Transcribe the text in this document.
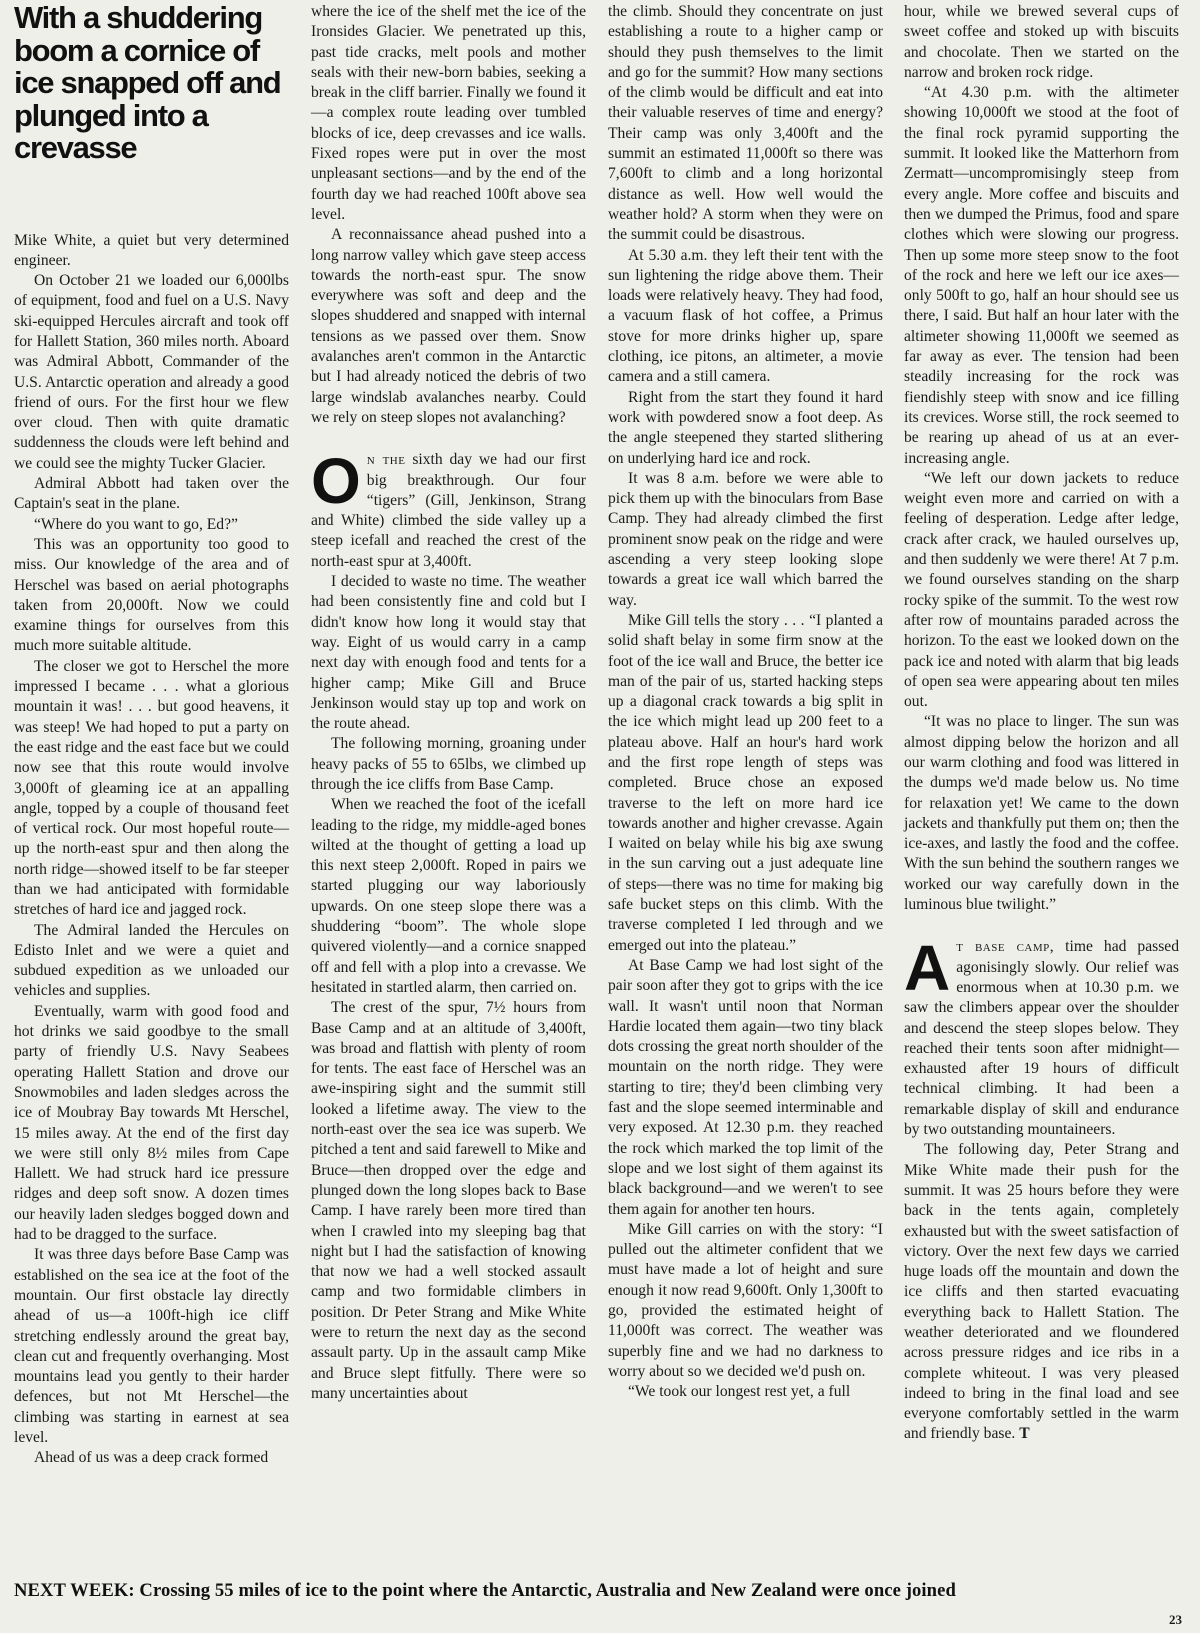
With a shuddering boom a cornice of ice snapped off and plunged into a crevasse

Mike White, a quiet but very determined engineer.

On October 21 we loaded our 6,000lbs of equipment, food and fuel on a U.S. Navy ski-equipped Hercules aircraft and took off for Hallett Station, 360 miles north. Aboard was Admiral Abbott, Commander of the U.S. Antarctic operation and already a good friend of ours. For the first hour we flew over cloud. Then with quite dramatic suddenness the clouds were left behind and we could see the mighty Tucker Glacier.

Admiral Abbott had taken over the Captain's seat in the plane.

“Where do you want to go, Ed?”

This was an opportunity too good to miss. Our knowledge of the area and of Herschel was based on aerial photographs taken from 20,000ft. Now we could examine things for ourselves from this much more suitable altitude.

The closer we got to Herschel the more impressed I became . . . what a glorious mountain it was! . . . but good heavens, it was steep! We had hoped to put a party on the east ridge and the east face but we could now see that this route would involve 3,000ft of gleaming ice at an appalling angle, topped by a couple of thousand feet of vertical rock. Our most hopeful route—up the north-east spur and then along the north ridge—showed itself to be far steeper than we had anticipated with formidable stretches of hard ice and jagged rock.

The Admiral landed the Hercules on Edisto Inlet and we were a quiet and subdued expedition as we unloaded our vehicles and supplies.

Eventually, warm with good food and hot drinks we said goodbye to the small party of friendly U.S. Navy Seabees operating Hallett Station and drove our Snowmobiles and laden sledges across the ice of Moubray Bay towards Mt Herschel, 15 miles away. At the end of the first day we were still only 8½ miles from Cape Hallett. We had struck hard ice pressure ridges and deep soft snow. A dozen times our heavily laden sledges bogged down and had to be dragged to the surface.

It was three days before Base Camp was established on the sea ice at the foot of the mountain. Our first obstacle lay directly ahead of us—a 100ft-high ice cliff stretching endlessly around the great bay, clean cut and frequently overhanging. Most mountains lead you gently to their harder defences, but not Mt Herschel—the climbing was starting in earnest at sea level.

Ahead of us was a deep crack formed

where the ice of the shelf met the ice of the Ironsides Glacier. We penetrated up this, past tide cracks, melt pools and mother seals with their new-born babies, seeking a break in the cliff barrier. Finally we found it—a complex route leading over tumbled blocks of ice, deep crevasses and ice walls. Fixed ropes were put in over the most unpleasant sections—and by the end of the fourth day we had reached 100ft above sea level.

A reconnaissance ahead pushed into a long narrow valley which gave steep access towards the north-east spur. The snow everywhere was soft and deep and the slopes shuddered and snapped with internal tensions as we passed over them. Snow avalanches aren't common in the Antarctic but I had already noticed the debris of two large windslab avalanches nearby. Could we rely on steep slopes not avalanching?

On the sixth day we had our first big breakthrough. Our four “tigers” (Gill, Jenkinson, Strang and White) climbed the side valley up a steep icefall and reached the crest of the north-east spur at 3,400ft.

I decided to waste no time. The weather had been consistently fine and cold but I didn't know how long it would stay that way. Eight of us would carry in a camp next day with enough food and tents for a higher camp; Mike Gill and Bruce Jenkinson would stay up top and work on the route ahead.

The following morning, groaning under heavy packs of 55 to 65lbs, we climbed up through the ice cliffs from Base Camp.

When we reached the foot of the icefall leading to the ridge, my middle-aged bones wilted at the thought of getting a load up this next steep 2,000ft. Roped in pairs we started plugging our way laboriously upwards. On one steep slope there was a shuddering “boom”. The whole slope quivered violently—and a cornice snapped off and fell with a plop into a crevasse. We hesitated in startled alarm, then carried on.

The crest of the spur, 7½ hours from Base Camp and at an altitude of 3,400ft, was broad and flattish with plenty of room for tents. The east face of Herschel was an awe-inspiring sight and the summit still looked a lifetime away. The view to the north-east over the sea ice was superb. We pitched a tent and said farewell to Mike and Bruce—then dropped over the edge and plunged down the long slopes back to Base Camp. I have rarely been more tired than when I crawled into my sleeping bag that night but I had the satisfaction of knowing that now we had a well stocked assault camp and two formidable climbers in position. Dr Peter Strang and Mike White were to return the next day as the second assault party. Up in the assault camp Mike and Bruce slept fitfully. There were so many uncertainties about

the climb. Should they concentrate on just establishing a route to a higher camp or should they push themselves to the limit and go for the summit? How many sections of the climb would be difficult and eat into their valuable reserves of time and energy? Their camp was only 3,400ft and the summit an estimated 11,000ft so there was 7,600ft to climb and a long horizontal distance as well. How well would the weather hold? A storm when they were on the summit could be disastrous.

At 5.30 a.m. they left their tent with the sun lightening the ridge above them. Their loads were relatively heavy. They had food, a vacuum flask of hot coffee, a Primus stove for more drinks higher up, spare clothing, ice pitons, an altimeter, a movie camera and a still camera.

Right from the start they found it hard work with powdered snow a foot deep. As the angle steepened they started slithering on underlying hard ice and rock.

It was 8 a.m. before we were able to pick them up with the binoculars from Base Camp. They had already climbed the first prominent snow peak on the ridge and were ascending a very steep looking slope towards a great ice wall which barred the way.

Mike Gill tells the story . . . “I planted a solid shaft belay in some firm snow at the foot of the ice wall and Bruce, the better ice man of the pair of us, started hacking steps up a diagonal crack towards a big split in the ice which might lead up 200 feet to a plateau above. Half an hour's hard work and the first rope length of steps was completed. Bruce chose an exposed traverse to the left on more hard ice towards another and higher crevasse. Again I waited on belay while his big axe swung in the sun carving out a just adequate line of steps—there was no time for making big safe bucket steps on this climb. With the traverse completed I led through and we emerged out into the plateau.”

At Base Camp we had lost sight of the pair soon after they got to grips with the ice wall. It wasn't until noon that Norman Hardie located them again—two tiny black dots crossing the great north shoulder of the mountain on the north ridge. They were starting to tire; they'd been climbing very fast and the slope seemed interminable and very exposed. At 12.30 p.m. they reached the rock which marked the top limit of the slope and we lost sight of them against its black background—and we weren't to see them again for another ten hours.

Mike Gill carries on with the story: “I pulled out the altimeter confident that we must have made a lot of height and sure enough it now read 9,600ft. Only 1,300ft to go, provided the estimated height of 11,000ft was correct. The weather was superbly fine and we had no darkness to worry about so we decided we'd push on.

“We took our longest rest yet, a full

hour, while we brewed several cups of sweet coffee and stoked up with biscuits and chocolate. Then we started on the narrow and broken rock ridge.

“At 4.30 p.m. with the altimeter showing 10,000ft we stood at the foot of the final rock pyramid supporting the summit. It looked like the Matterhorn from Zermatt—uncompromisingly steep from every angle. More coffee and biscuits and then we dumped the Primus, food and spare clothes which were slowing our progress. Then up some more steep snow to the foot of the rock and here we left our ice axes—only 500ft to go, half an hour should see us there, I said. But half an hour later with the altimeter showing 11,000ft we seemed as far away as ever. The tension had been steadily increasing for the rock was fiendishly steep with snow and ice filling its crevices. Worse still, the rock seemed to be rearing up ahead of us at an ever-increasing angle.

“We left our down jackets to reduce weight even more and carried on with a feeling of desperation. Ledge after ledge, crack after crack, we hauled ourselves up, and then suddenly we were there! At 7 p.m. we found ourselves standing on the sharp rocky spike of the summit. To the west row after row of mountains paraded across the horizon. To the east we looked down on the pack ice and noted with alarm that big leads of open sea were appearing about ten miles out.

“It was no place to linger. The sun was almost dipping below the horizon and all our warm clothing and food was littered in the dumps we'd made below us. No time for relaxation yet! We came to the down jackets and thankfully put them on; then the ice-axes, and lastly the food and the coffee. With the sun behind the southern ranges we worked our way carefully down in the luminous blue twilight.”

At base camp, time had passed agonisingly slowly. Our relief was enormous when at 10.30 p.m. we saw the climbers appear over the shoulder and descend the steep slopes below. They reached their tents soon after midnight—exhausted after 19 hours of difficult technical climbing. It had been a remarkable display of skill and endurance by two outstanding mountaineers.

The following day, Peter Strang and Mike White made their push for the summit. It was 25 hours before they were back in the tents again, completely exhausted but with the sweet satisfaction of victory. Over the next few days we carried huge loads off the mountain and down the ice cliffs and then started evacuating everything back to Hallett Station. The weather deteriorated and we floundered across pressure ridges and ice ribs in a complete whiteout. I was very pleased indeed to bring in the final load and see everyone comfortably settled in the warm and friendly base. T

NEXT WEEK: Crossing 55 miles of ice to the point where the Antarctic, Australia and New Zealand were once joined
23
